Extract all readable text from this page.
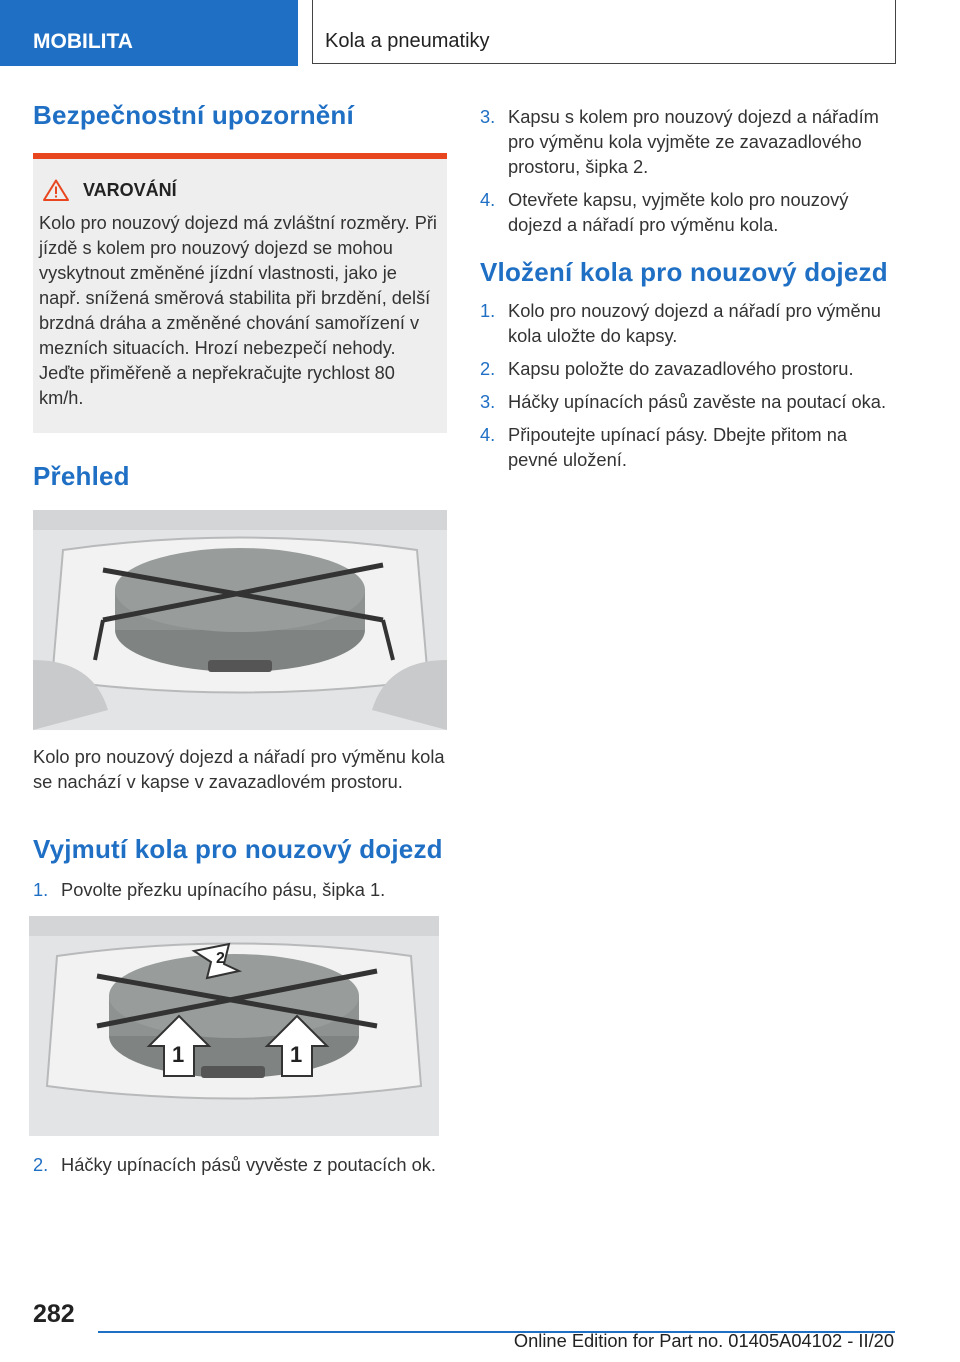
MOBILITA	Kola a pneumatiky
Bezpečnostní upozornění
VAROVÁNÍ

Kolo pro nouzový dojezd má zvláštní rozměry. Při jízdě s kolem pro nouzový dojezd se mohou vyskytnout změněné jízdní vlastnosti, jako je např. snížená směrová stabilita při brzdění, delší brzdná dráha a změněné chování samořízení v mezních situacích. Hrozí nebezpečí nehody. Jeďte přiměřeně a nepřekračujte rychlost 80 km/h.

Přehled

Kolo pro nouzový dojezd a nářadí pro výměnu kola se nachází v kapse v zavazadlovém prostoru.

Vyjmutí kola pro nouzový dojezd
1. Povolte přezku upínacího pásu, šipka 1.
1	1
2
2. Háčky upínacích pásů vyvěste z poutacích ok.
3. Kapsu s kolem pro nouzový dojezd a nářadím pro výměnu kola vyjměte ze zavazadlového prostoru, šipka 2.
4. Otevřete kapsu, vyjměte kolo pro nouzový dojezd a nářadí pro výměnu kola.
Vložení kola pro nouzový dojezd
1. Kolo pro nouzový dojezd a nářadí pro výměnu kola uložte do kapsy.
2. Kapsu položte do zavazadlového prostoru.
3. Háčky upínacích pásů zavěste na poutací oka.
4. Připoutejte upínací pásy. Dbejte přitom na pevné uložení.
282
Online Edition for Part no. 01405A04102 - II/20
